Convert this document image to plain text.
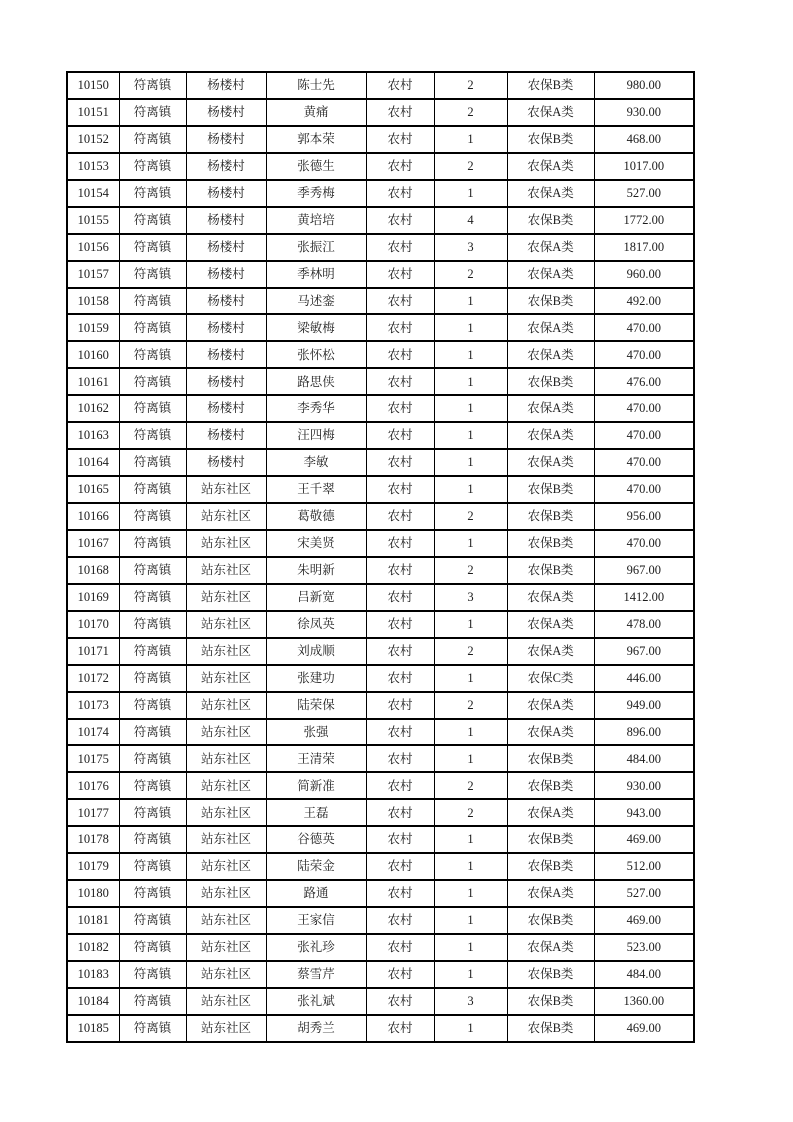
10150	符离镇	杨楼村	陈士先	农村	2	农保B类	980.00
10151	符离镇	杨楼村	黄痛	农村	2	农保A类	930.00
10152	符离镇	杨楼村	郭本荣	农村	1	农保B类	468.00
10153	符离镇	杨楼村	张德生	农村	2	农保A类	1017.00
10154	符离镇	杨楼村	季秀梅	农村	1	农保A类	527.00
10155	符离镇	杨楼村	黄培培	农村	4	农保B类	1772.00
10156	符离镇	杨楼村	张振江	农村	3	农保A类	1817.00
10157	符离镇	杨楼村	季林明	农村	2	农保A类	960.00
10158	符离镇	杨楼村	马述銮	农村	1	农保B类	492.00
10159	符离镇	杨楼村	梁敏梅	农村	1	农保A类	470.00
10160	符离镇	杨楼村	张怀松	农村	1	农保A类	470.00
10161	符离镇	杨楼村	路思侠	农村	1	农保B类	476.00
10162	符离镇	杨楼村	李秀华	农村	1	农保A类	470.00
10163	符离镇	杨楼村	汪四梅	农村	1	农保A类	470.00
10164	符离镇	杨楼村	李敏	农村	1	农保A类	470.00
10165	符离镇	站东社区	王千翠	农村	1	农保B类	470.00
10166	符离镇	站东社区	葛敬德	农村	2	农保B类	956.00
10167	符离镇	站东社区	宋美贤	农村	1	农保B类	470.00
10168	符离镇	站东社区	朱明新	农村	2	农保B类	967.00
10169	符离镇	站东社区	吕新宽	农村	3	农保A类	1412.00
10170	符离镇	站东社区	徐凤英	农村	1	农保A类	478.00
10171	符离镇	站东社区	刘成顺	农村	2	农保A类	967.00
10172	符离镇	站东社区	张建功	农村	1	农保C类	446.00
10173	符离镇	站东社区	陆荣保	农村	2	农保A类	949.00
10174	符离镇	站东社区	张强	农村	1	农保A类	896.00
10175	符离镇	站东社区	王清荣	农村	1	农保B类	484.00
10176	符离镇	站东社区	简新准	农村	2	农保B类	930.00
10177	符离镇	站东社区	王磊	农村	2	农保A类	943.00
10178	符离镇	站东社区	谷德英	农村	1	农保B类	469.00
10179	符离镇	站东社区	陆荣金	农村	1	农保B类	512.00
10180	符离镇	站东社区	路通	农村	1	农保A类	527.00
10181	符离镇	站东社区	王家信	农村	1	农保B类	469.00
10182	符离镇	站东社区	张礼珍	农村	1	农保A类	523.00
10183	符离镇	站东社区	蔡雪芹	农村	1	农保B类	484.00
10184	符离镇	站东社区	张礼斌	农村	3	农保B类	1360.00
10185	符离镇	站东社区	胡秀兰	农村	1	农保B类	469.00
